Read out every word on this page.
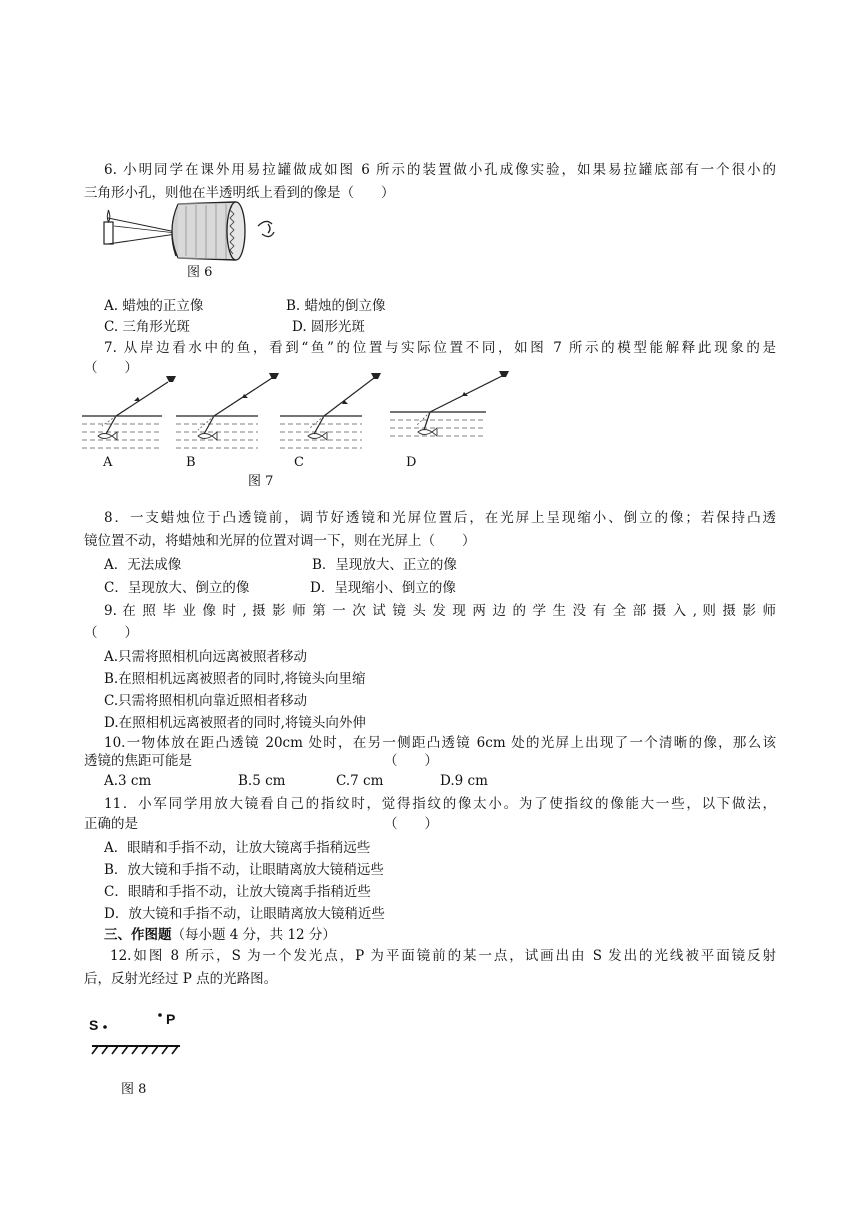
6. 小明同学在课外用易拉罐做成如图 6 所示的装置做小孔成像实验，如果易拉罐底部有一个很小的
三角形小孔，则他在半透明纸上看到的像是（　　）
图 6
A. 蜡烛的正立像	B. 蜡烛的倒立像
C. 三角形光斑	D. 圆形光斑
7. 从岸边看水中的鱼，看到“鱼”的位置与实际位置不同，如图 7 所示的模型能解释此现象的是
（　　）
A	B	C	D
图 7
8．一支蜡烛位于凸透镜前，调节好透镜和光屏位置后，在光屏上呈现缩小、倒立的像；若保持凸透
镜位置不动，将蜡烛和光屏的位置对调一下，则在光屏上（　　）
A．无法成像	B．呈现放大、正立的像
C．呈现放大、倒立的像	D．呈现缩小、倒立的像
9. 在 照 毕 业 像 时 , 摄 影 师 第 一 次 试 镜 头 发 现 两 边 的 学 生 没 有 全 部 摄 入 , 则 摄 影 师
（　　）
A.只需将照相机向远离被照者移动
B.在照相机远离被照者的同时,将镜头向里缩
C.只需将照相机向靠近照相者移动
D.在照相机远离被照者的同时,将镜头向外伸
10.一物体放在距凸透镜 20cm 处时，在另一侧距凸透镜 6cm 处的光屏上出现了一个清晰的像，那么该
透镜的焦距可能是	（　　）
A.3 cm	B.5 cm	C.7 cm	D.9 cm
11．小军同学用放大镜看自己的指纹时，觉得指纹的像太小。为了使指纹的像能大一些，以下做法，
正确的是	（　　）
A．眼睛和手指不动，让放大镜离手指稍远些
B．放大镜和手指不动，让眼睛离放大镜稍远些
C．眼睛和手指不动，让放大镜离手指稍近些
D．放大镜和手指不动，让眼睛离放大镜稍近些
三、作图题（每小题 4 分，共 12 分）
12.如图 8 所示，S 为一个发光点，P 为平面镜前的某一点，试画出由 S 发出的光线被平面镜反射
后，反射光经过 P 点的光路图。
S	P
图 8
